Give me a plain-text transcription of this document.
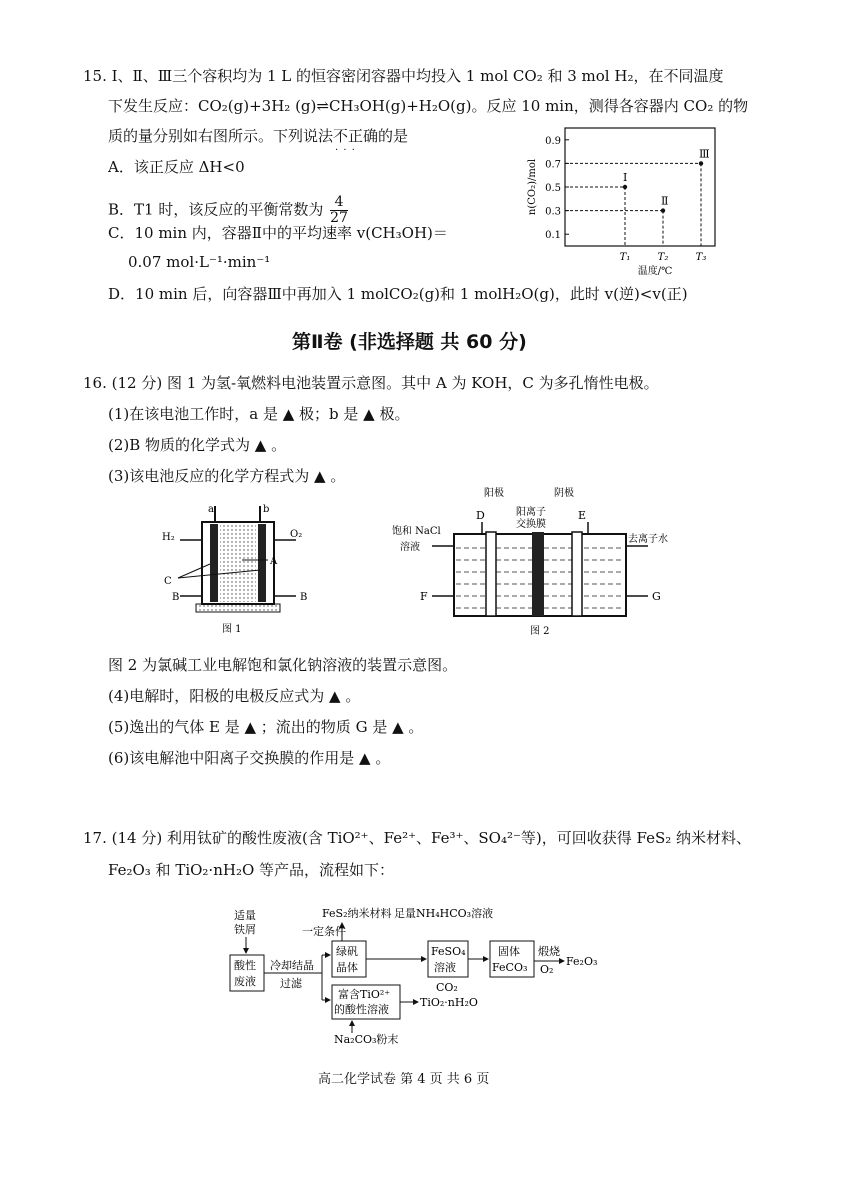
15. Ⅰ、Ⅱ、Ⅲ三个容积均为 1 L 的恒容密闭容器中均投入 1 mol CO₂ 和 3 mol H₂，在不同温度
下发生反应：CO₂(g)+3H₂ (g)⇌CH₃OH(g)+H₂O(g)。反应 10 min，测得各容器内 CO₂ 的物
质的量分别如右图所示。下列说法不正确 · · ·的是
A．该正反应 ΔH<0
B．T1 时，该反应的平衡常数为 $\frac{4}{27}$
C．10 min 内，容器Ⅱ中的平均速率 v(CH₃OH)＝
0.07 mol·L⁻¹·min⁻¹
D．10 min 后，向容器Ⅲ中再加入 1 molCO₂(g)和 1 molH₂O(g)，此时 v(逆)<v(正)
0.1
0.3
0.5
0.7
0.9
T₁	T₂	T₃
n(CO₂)/mol
温度/℃
Ⅰ
Ⅱ
Ⅲ
第Ⅱ卷 (非选择题 共 60 分)
16. (12 分) 图 1 为氢-氧燃料电池装置示意图。其中 A 为 KOH，C 为多孔惰性电极。
(1)在该电池工作时，a 是 ▲ 极；b 是 ▲ 极。
(2)B 物质的化学式为 ▲ 。
(3)该电池反应的化学方程式为 ▲ 。
a	b
H₂	O₂
B	B
C
A
图 1
阳极	阴极
D	E
阳离子
交换膜
饱和 NaCl
溶液
去离子水
F	G
图 2
图 2 为氯碱工业电解饱和氯化钠溶液的装置示意图。
(4)电解时，阳极的电极反应式为 ▲ 。
(5)逸出的气体 E 是 ▲ ；流出的物质 G 是 ▲ 。
(6)该电解池中阳离子交换膜的作用是 ▲ 。
17. (14 分) 利用钛矿的酸性废液(含 TiO²⁺、Fe²⁺、Fe³⁺、SO₄²⁻等)，可回收获得 FeS₂ 纳米材料、
Fe₂O₃ 和 TiO₂·nH₂O 等产品，流程如下：
适量
铁屑
酸性
废液
冷却结晶
过滤
绿矾
晶体
FeS₂纳米材料
一定条件
足量NH₄HCO₃溶液
FeSO₄
溶液
CO₂
固体
FeCO₃
煅烧
O₂
Fe₂O₃
富含TiO²⁺
的酸性溶液
TiO₂·nH₂O
Na₂CO₃粉末
高二化学试卷 第 4 页 共 6 页
